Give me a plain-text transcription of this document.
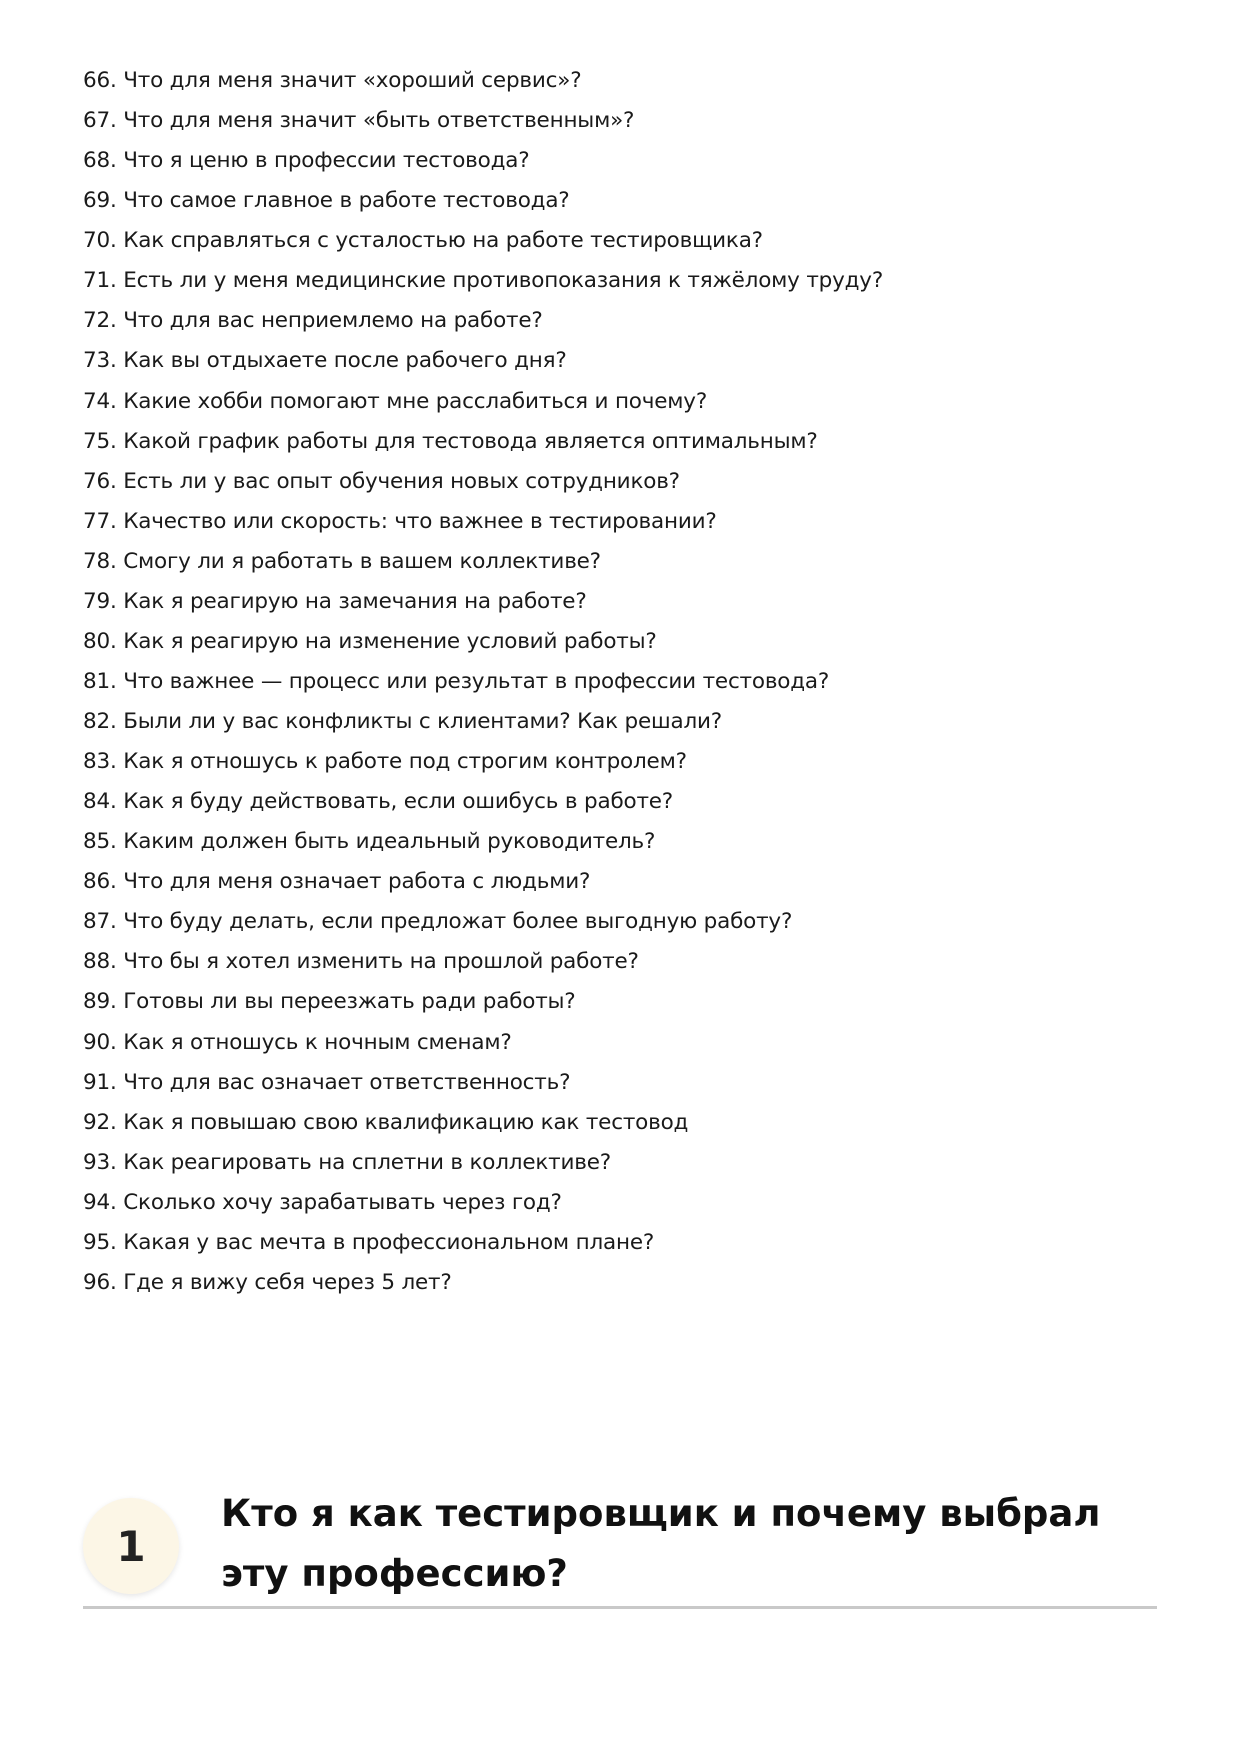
66. Что для меня значит «хороший сервис»?
67. Что для меня значит «быть ответственным»?
68. Что я ценю в профессии тестовода?
69. Что самое главное в работе тестовода?
70. Как справляться с усталостью на работе тестировщика?
71. Есть ли у меня медицинские противопоказания к тяжёлому труду?
72. Что для вас неприемлемо на работе?
73. Как вы отдыхаете после рабочего дня?
74. Какие хобби помогают мне расслабиться и почему?
75. Какой график работы для тестовода является оптимальным?
76. Есть ли у вас опыт обучения новых сотрудников?
77. Качество или скорость: что важнее в тестировании?
78. Смогу ли я работать в вашем коллективе?
79. Как я реагирую на замечания на работе?
80. Как я реагирую на изменение условий работы?
81. Что важнее — процесс или результат в профессии тестовода?
82. Были ли у вас конфликты с клиентами? Как решали?
83. Как я отношусь к работе под строгим контролем?
84. Как я буду действовать, если ошибусь в работе?
85. Каким должен быть идеальный руководитель?
86. Что для меня означает работа с людьми?
87. Что буду делать, если предложат более выгодную работу?
88. Что бы я хотел изменить на прошлой работе?
89. Готовы ли вы переезжать ради работы?
90. Как я отношусь к ночным сменам?
91. Что для вас означает ответственность?
92. Как я повышаю свою квалификацию как тестовод
93. Как реагировать на сплетни в коллективе?
94. Сколько хочу зарабатывать через год?
95. Какая у вас мечта в профессиональном плане?
96. Где я вижу себя через 5 лет?
1
Кто я как тестировщик и почему выбрал эту профессию?
